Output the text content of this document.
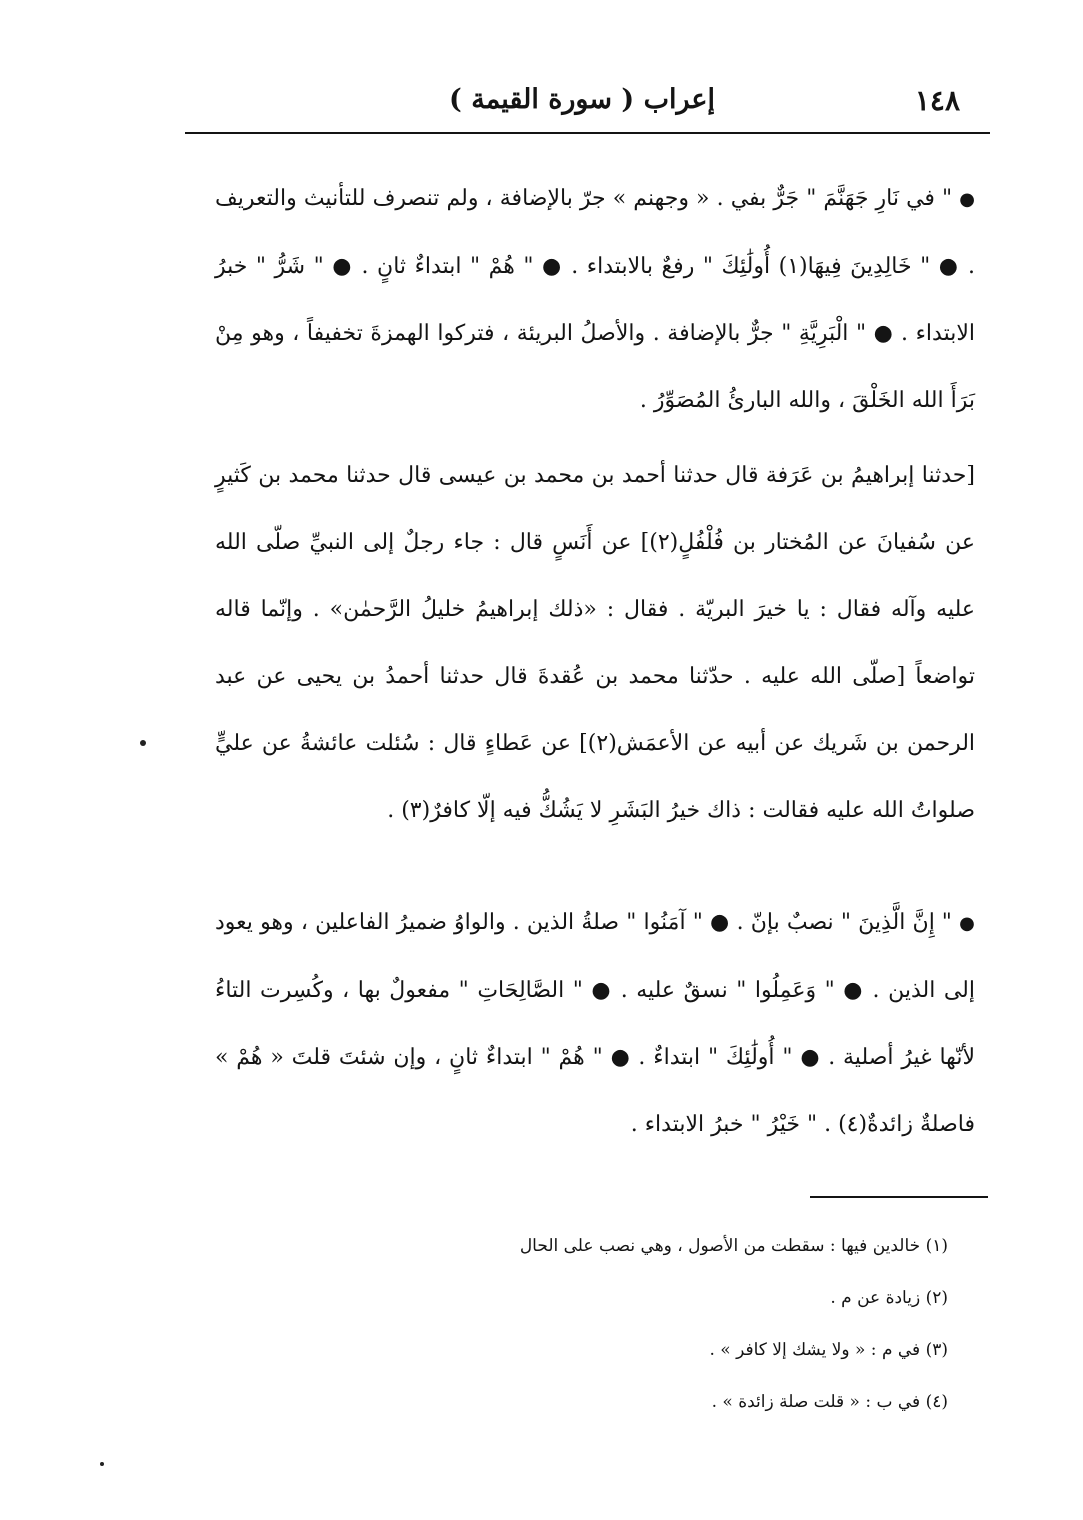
١٤٨
إعراب ( سورة القيمة )

● " في نَارِ جَهَنَّمَ " جَرٌّ بفي . « وجهنم » جرّ بالإضافة ، ولم تنصرف للتأنيث والتعريف . ● " خَالِدِينَ فِيهَا(١) أُولَٰئِكَ " رفعٌ بالابتداء . ● " هُمْ " ابتداءٌ ثانٍ . ● " شَرُّ " خبرُ الابتداء . ● " الْبَرِيَّةِ " جرٌّ بالإضافة . والأصلُ البريئة ، فتركوا الهمزةَ تخفيفاً ، وهو مِنْ بَرَأَ الله الخَلْقَ ، والله البارئُ المُصَوِّرُ .

[حدثنا إبراهيمُ بن عَرَفة قال حدثنا أحمد بن محمد بن عيسى قال حدثنا محمد بن كَثيرٍ عن سُفيانَ عن المُختار بن فُلْفُلٍ(٢)] عن أَنَسٍ قال : جاء رجلٌ إلى النبيِّ صلّى الله عليه وآله فقال : يا خيرَ البريّة . فقال : «ذلك إبراهيمُ خليلُ الرَّحمٰن» . وإنّما قاله تواضعاً [صلّى الله عليه . حدّثنا محمد بن عُقدةَ قال حدثنا أحمدُ بن يحيى عن عبد الرحمن بن شَريك عن أبيه عن الأعمَش(٢)] عن عَطاءٍ قال : سُئلت عائشةُ عن عليٍّ صلواتُ الله عليه فقالت : ذاك خيرُ البَشَرِ لا يَشُكُّ فيه إلّا كافرٌ(٣) .

● " إِنَّ الَّذِينَ " نصبٌ بإنّ . ● " آمَنُوا " صلةُ الذين . والواوُ ضميرُ الفاعلين ، وهو يعود إلى الذين . ● " وَعَمِلُوا " نسقٌ عليه . ● " الصَّالِحَاتِ " مفعولٌ بها ، وكُسِرت التاءُ لأنّها غيرُ أصلية . ● " أُولَٰئِكَ " ابتداءٌ . ● " هُمْ " ابتداءٌ ثانٍ ، وإن شئتَ قلتَ « هُمْ » فاصلةٌ زائدةٌ(٤) . " خَيْرُ " خبرُ الابتداء .

(١) خالدين فيها : سقطت من الأصول ، وهي نصب على الحال
(٢) زيادة عن م .
(٣) في م : « ولا يشك إلا كافر » .
(٤) في ب : « قلت صلة زائدة » .
